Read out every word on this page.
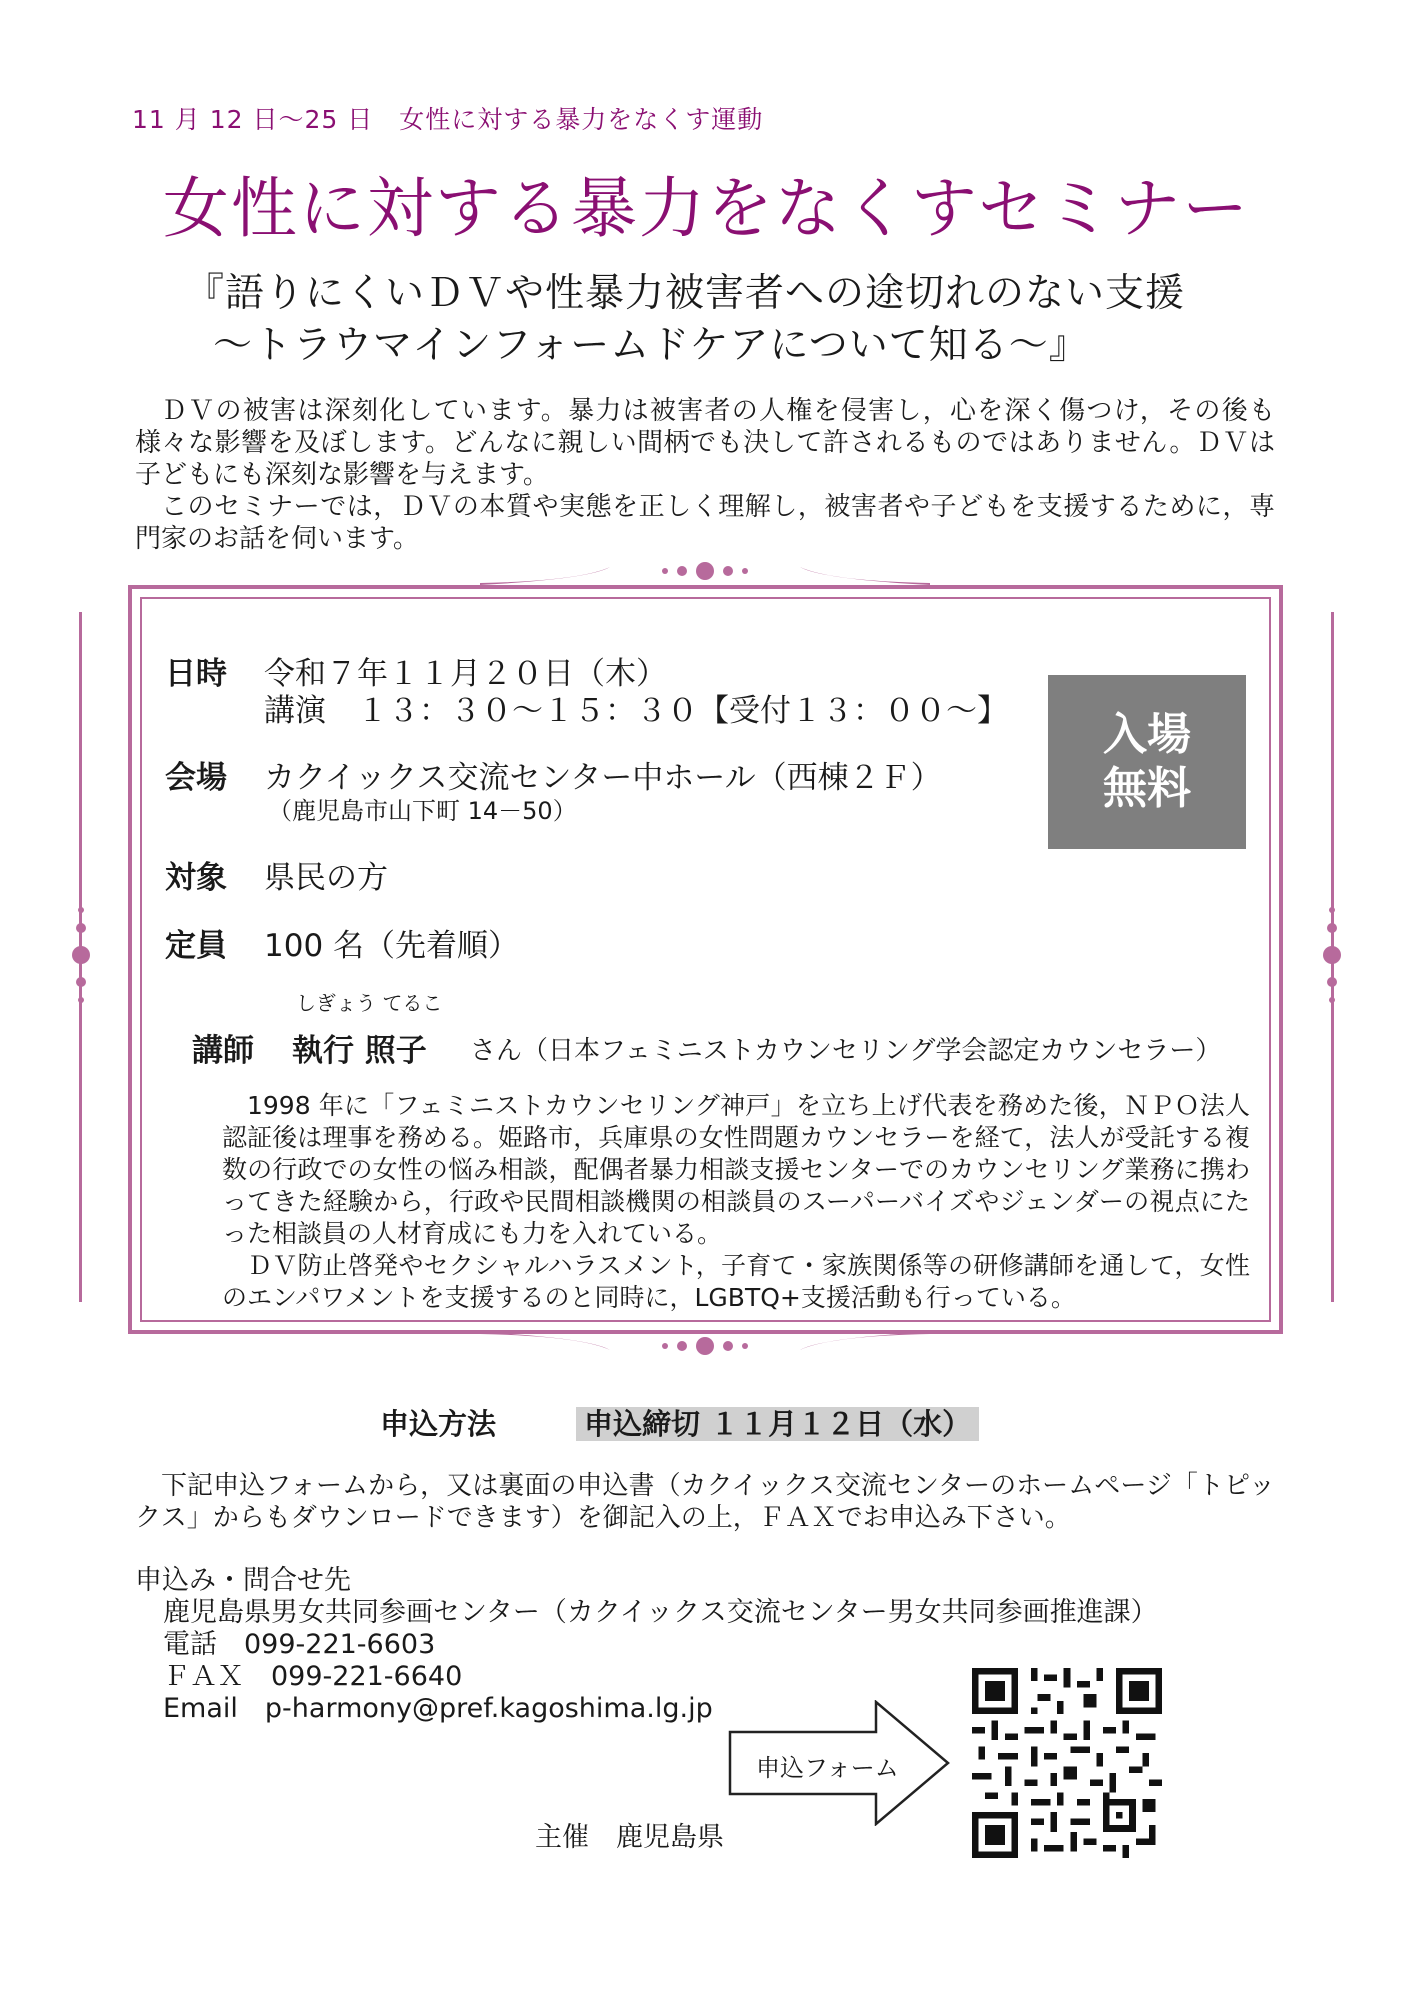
11 月 12 日～25 日　女性に対する暴力をなくす運動
女性に対する暴力をなくすセミナー
『語りにくいＤＶや性暴力被害者への途切れのない支援
～トラウマインフォームドケアについて知る～』

ＤＶの被害は深刻化しています。暴力は被害者の人権を侵害し，心を深く傷つけ，その後も様々な影響を及ぼします。どんなに親しい間柄でも決して許されるものではありません。ＤＶは子どもにも深刻な影響を与えます。

このセミナーでは，ＤＶの本質や実態を正しく理解し，被害者や子どもを支援するために，専門家のお話を伺います。

日時 令和７年１１月２０日（木）
講演　１３：３０～１５：３０【受付１３：００～】
会場 カクイックス交流センター中ホール（西棟２Ｆ）
（鹿児島市山下町 14－50）
対象 県民の方
定員 100 名（先着順）
しぎょう てるこ
講師 執行 照子 さん（日本フェミニストカウンセリング学会認定カウンセラー）
入場
無料

1998 年に「フェミニストカウンセリング神戸」を立ち上げ代表を務めた後，ＮＰＯ法人認証後は理事を務める。姫路市，兵庫県の女性問題カウンセラーを経て，法人が受託する複数の行政での女性の悩み相談，配偶者暴力相談支援センターでのカウンセリング業務に携わってきた経験から，行政や民間相談機関の相談員のスーパーバイズやジェンダーの視点にたった相談員の人材育成にも力を入れている。

ＤＶ防止啓発やセクシャルハラスメント，子育て・家族関係等の研修講師を通して，女性のエンパワメントを支援するのと同時に，LGBTQ+支援活動も行っている。

申込方法	申込締切 １１月１２日（水）

下記申込フォームから，又は裏面の申込書（カクイックス交流センターのホームページ「トピックス」からもダウンロードできます）を御記入の上，ＦＡＸでお申込み下さい。

申込み・問合せ先
鹿児島県男女共同参画センター（カクイックス交流センター男女共同参画推進課）
電話　099-221-6603
ＦＡＸ　099-221-6640
Email　p-harmony@pref.kagoshima.lg.jp
申込フォーム
主催　鹿児島県
